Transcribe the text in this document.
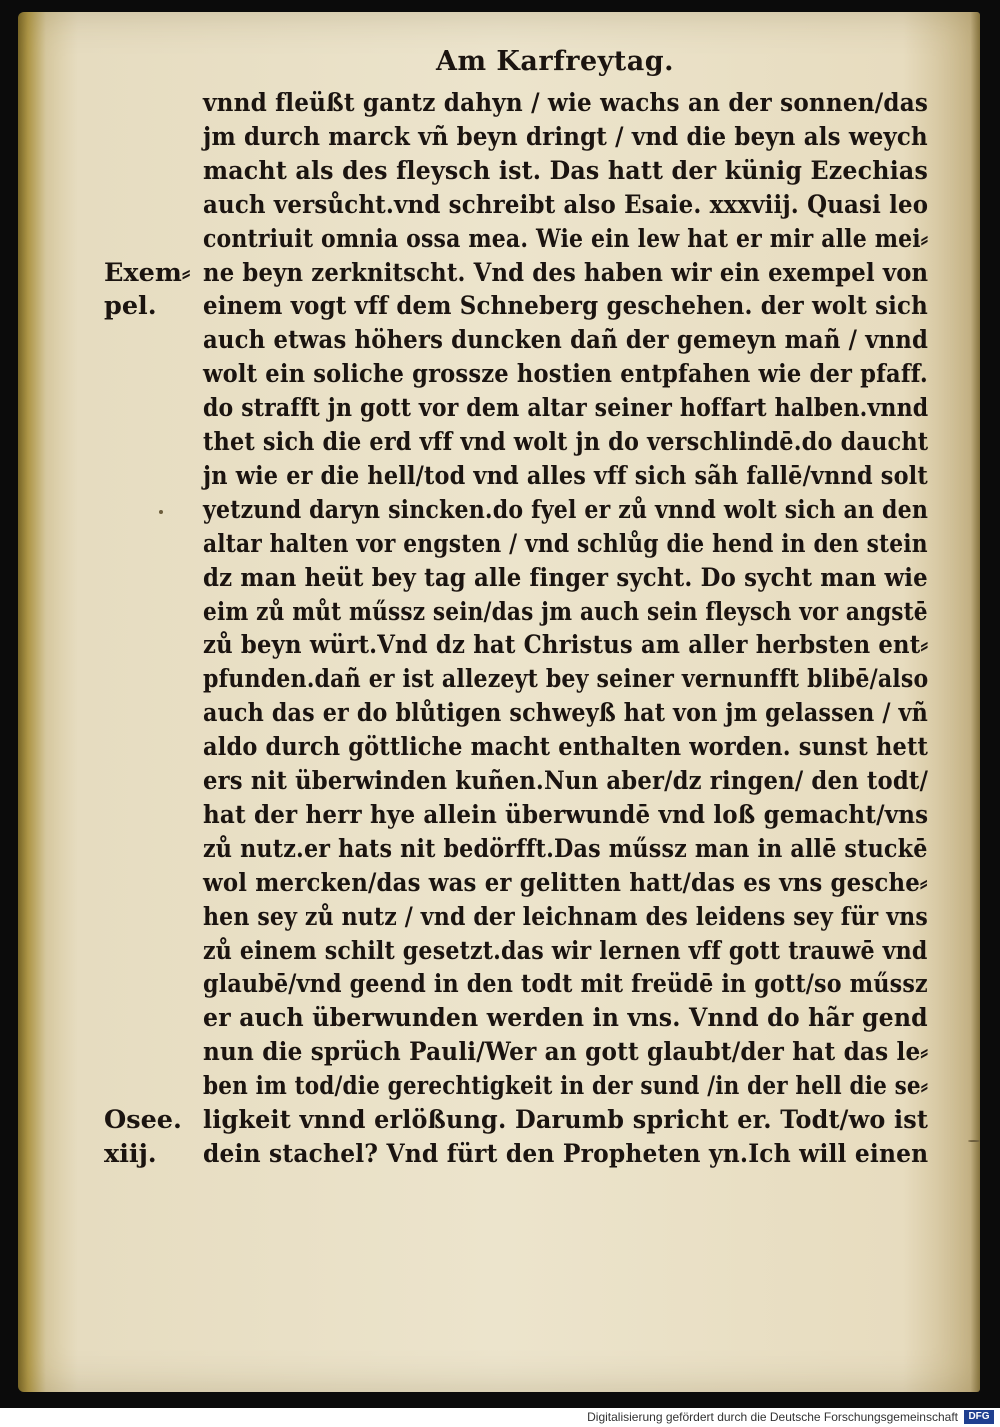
Am Karfreytag.
vnnd fleüßt gantz dahyn / wie wachs an der sonnen/das
jm durch marck vñ beyn dringt / vnd die beyn als weych
macht als des fleysch ist. Das hatt der künig Ezechias
auch versůcht.vnd schreibt also Esaie. xxxviij. Quasi leo
contriuit omnia ossa mea. Wie ein lew hat er mir alle mei⸗
ne beyn zerknitscht. Vnd des haben wir ein exempel von
einem vogt vff dem Schneberg geschehen. der wolt sich
auch etwas höhers duncken dañ der gemeyn mañ / vnnd
wolt ein soliche grossze hostien entpfahen wie der pfaff.
do strafft jn gott vor dem altar seiner hoffart halben.vnnd
thet sich die erd vff vnd wolt jn do verschlindē.do daucht
jn wie er die hell/tod vnd alles vff sich sãh fallē/vnnd solt
yetzund daryn sincken.do fyel er zů vnnd wolt sich an den
altar halten vor engsten / vnd schlůg die hend in den stein
dz man heüt bey tag alle finger sycht. Do sycht man wie
eim zů můt műssz sein/das jm auch sein fleysch vor angstē
zů beyn würt.Vnd dz hat Christus am aller herbsten ent⸗
pfunden.dañ er ist allezeyt bey seiner vernunfft blibē/also
auch das er do blůtigen schweyß hat von jm gelassen / vñ
aldo durch göttliche macht enthalten worden. sunst hett
ers nit überwinden kuñen.Nun aber/dz ringen/ den todt/
hat der herr hye allein überwundē vnd loß gemacht/vns
zů nutz.er hats nit bedörfft.Das műssz man in allē stuckē
wol mercken/das was er gelitten hatt/das es vns gesche⸗
hen sey zů nutz / vnd der leichnam des leidens sey für vns
zů einem schilt gesetzt.das wir lernen vff gott trauwē vnd
glaubē/vnd geend in den todt mit freüdē in gott/so műssz
er auch überwunden werden in vns. Vnnd do hãr gend
nun die sprüch Pauli/Wer an gott glaubt/der hat das le⸗
ben im tod/die gerechtigkeit in der sund /in der hell die se⸗
ligkeit vnnd erlößung. Darumb spricht er. Todt/wo ist
dein stachel? Vnd fürt den Propheten yn.Ich will einen
Exem⸗
pel.
Osee.
xiij.
Digitalisierung gefördert durch die Deutsche Forschungsgemeinschaft	DFG
